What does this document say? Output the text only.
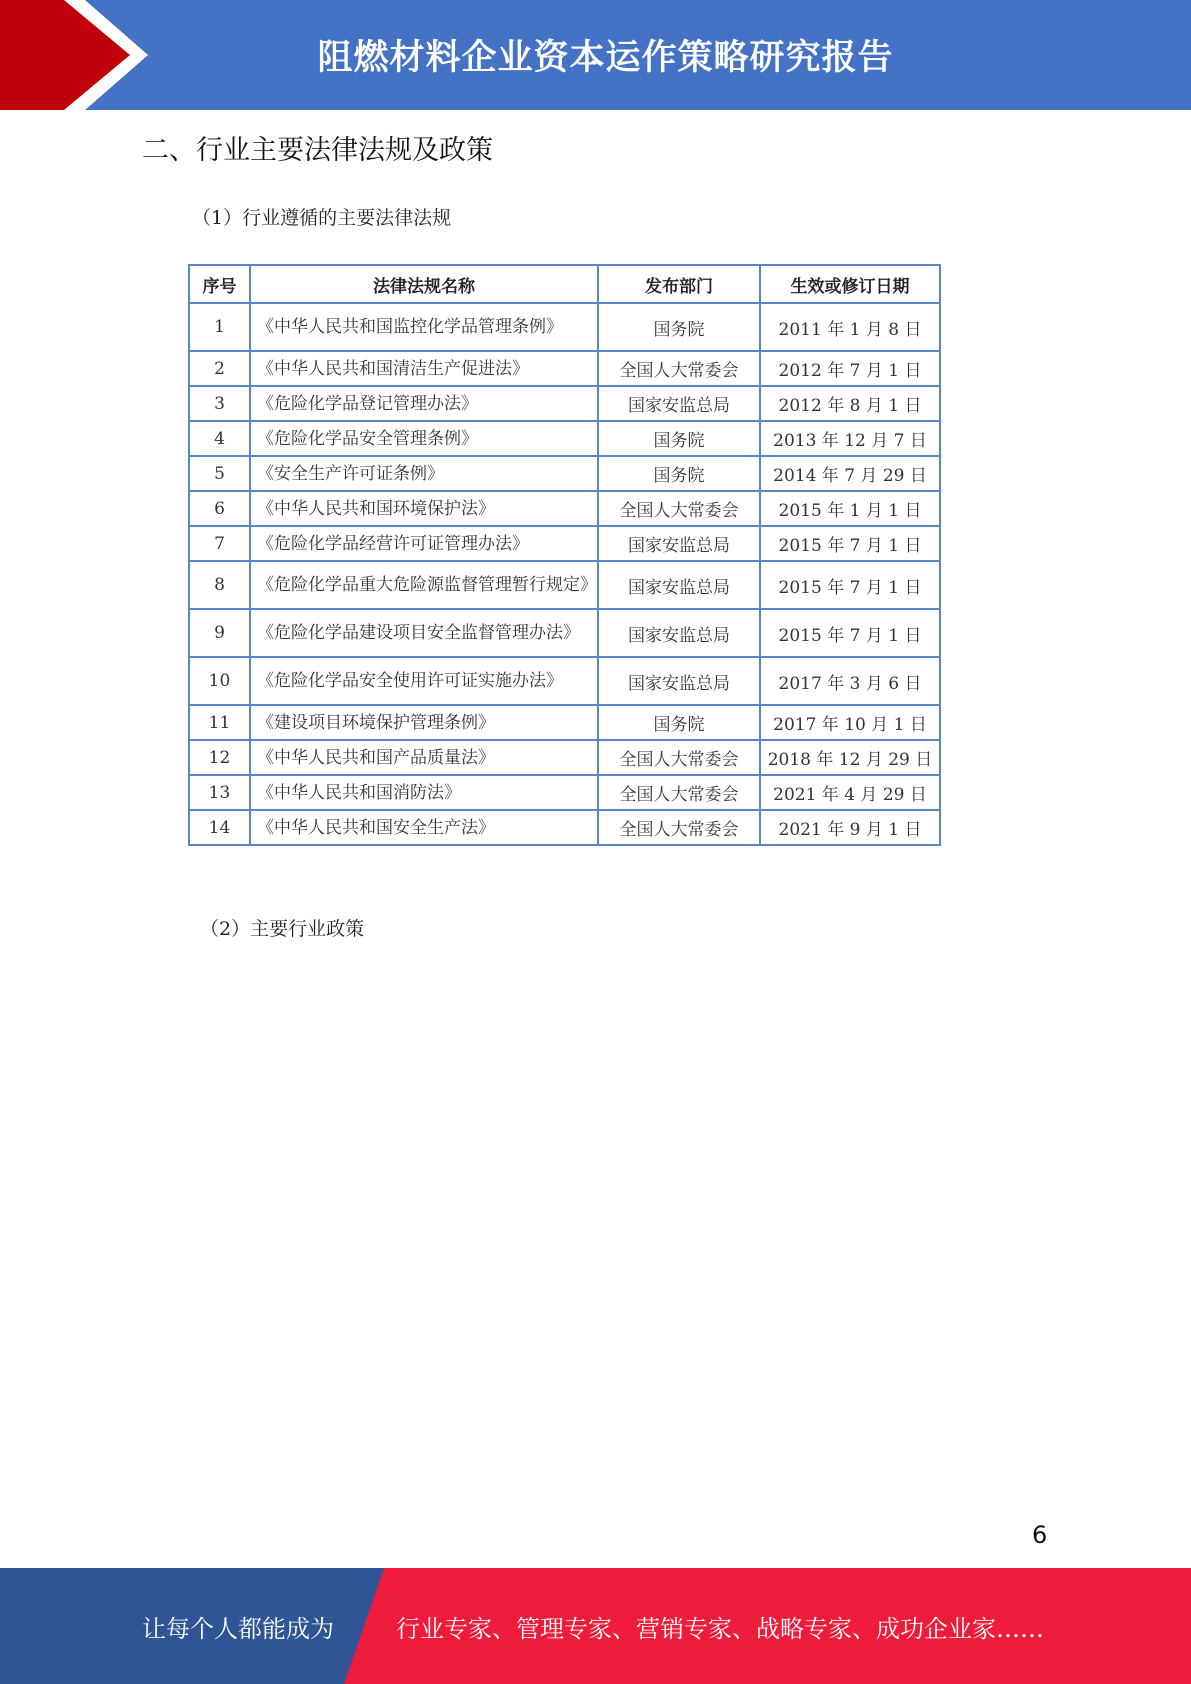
阻燃材料企业资本运作策略研究报告
二、行业主要法律法规及政策
（1）行业遵循的主要法律法规
序号	法律法规名称	发布部门	生效或修订日期
1	《中华人民共和国监控化学品管理条例》	国务院	2011 年 1 月 8 日
2	《中华人民共和国清洁生产促进法》	全国人大常委会	2012 年 7 月 1 日
3	《危险化学品登记管理办法》	国家安监总局	2012 年 8 月 1 日
4	《危险化学品安全管理条例》	国务院	2013 年 12 月 7 日
5	《安全生产许可证条例》	国务院	2014 年 7 月 29 日
6	《中华人民共和国环境保护法》	全国人大常委会	2015 年 1 月 1 日
7	《危险化学品经营许可证管理办法》	国家安监总局	2015 年 7 月 1 日
8	《危险化学品重大危险源监督管理暂行规定》	国家安监总局	2015 年 7 月 1 日
9	《危险化学品建设项目安全监督管理办法》	国家安监总局	2015 年 7 月 1 日
10	《危险化学品安全使用许可证实施办法》	国家安监总局	2017 年 3 月 6 日
11	《建设项目环境保护管理条例》	国务院	2017 年 10 月 1 日
12	《中华人民共和国产品质量法》	全国人大常委会	2018 年 12 月 29 日
13	《中华人民共和国消防法》	全国人大常委会	2021 年 4 月 29 日
14	《中华人民共和国安全生产法》	全国人大常委会	2021 年 9 月 1 日
（2）主要行业政策
6
让每个人都能成为	行业专家、管理专家、营销专家、战略专家、成功企业家……
